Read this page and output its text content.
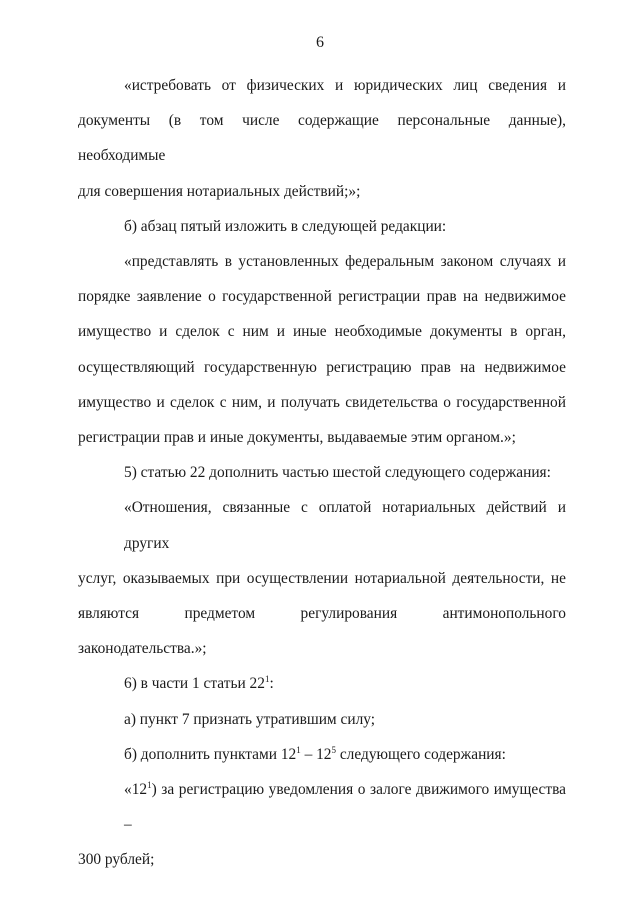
6
«истребовать от физических и юридических лиц сведения и
документы (в том числе содержащие персональные данные), необходимые
для совершения нотариальных действий;»;
б) абзац пятый изложить в следующей редакции:
«представлять в установленных федеральным законом случаях и
порядке заявление о государственной регистрации прав на недвижимое
имущество и сделок с ним и иные необходимые документы в орган,
осуществляющий государственную регистрацию прав на недвижимое
имущество и сделок с ним, и получать свидетельства о государственной
регистрации прав и иные документы, выдаваемые этим органом.»;
5) статью 22 дополнить частью шестой следующего содержания:
«Отношения, связанные с оплатой нотариальных действий и других
услуг, оказываемых при осуществлении нотариальной деятельности, не
являются	предметом	регулирования	антимонопольного
законодательства.»;
6) в части 1 статьи $22^1$:
а) пункт 7 признать утратившим силу;
б) дополнить пунктами $12^1 - 12^5$ следующего содержания:
«$12^1$) за регистрацию уведомления о залоге движимого имущества –
300 рублей;
